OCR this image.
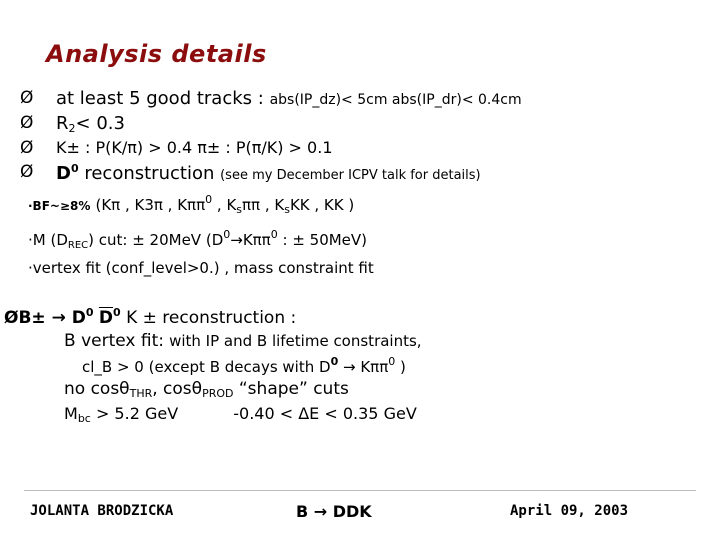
Analysis details
Ø at least 5 good tracks : abs(IP_dz)< 5cm abs(IP_dr)< 0.4cm
Ø $R_2< 0.3$
Ø K± : P(K/π) > 0.4 π± : P(π/K) > 0.1
Ø $D^0$ reconstruction (see my December ICPV talk for details)
·BF~≥8% (Kπ , K3π , Kππ$^0$ , $K_s\pi\pi$ , $K_sKK$ , KK )
·M $(D_{REC})$ cut: ± 20MeV ($D^0\to K\pi\pi^0$ : ± 50MeV)
·vertex fit (conf_level>0.) , mass constraint fit
ØB± → $D^0$ $\overline{D}^0$ K ± reconstruction :
B vertex fit: with IP and B lifetime constraints,
cl_B > 0 (except B decays with $D^0 \to K\pi\pi^0$ )
no cosθ$_{THR}$, cosθ$_{PROD}$ “shape” cuts
$M_{bc} > 5.2$ GeV	-0.40 < ΔE < 0.35 GeV
JOLANTA BRODZICKA	B → DDK	April 09, 2003
